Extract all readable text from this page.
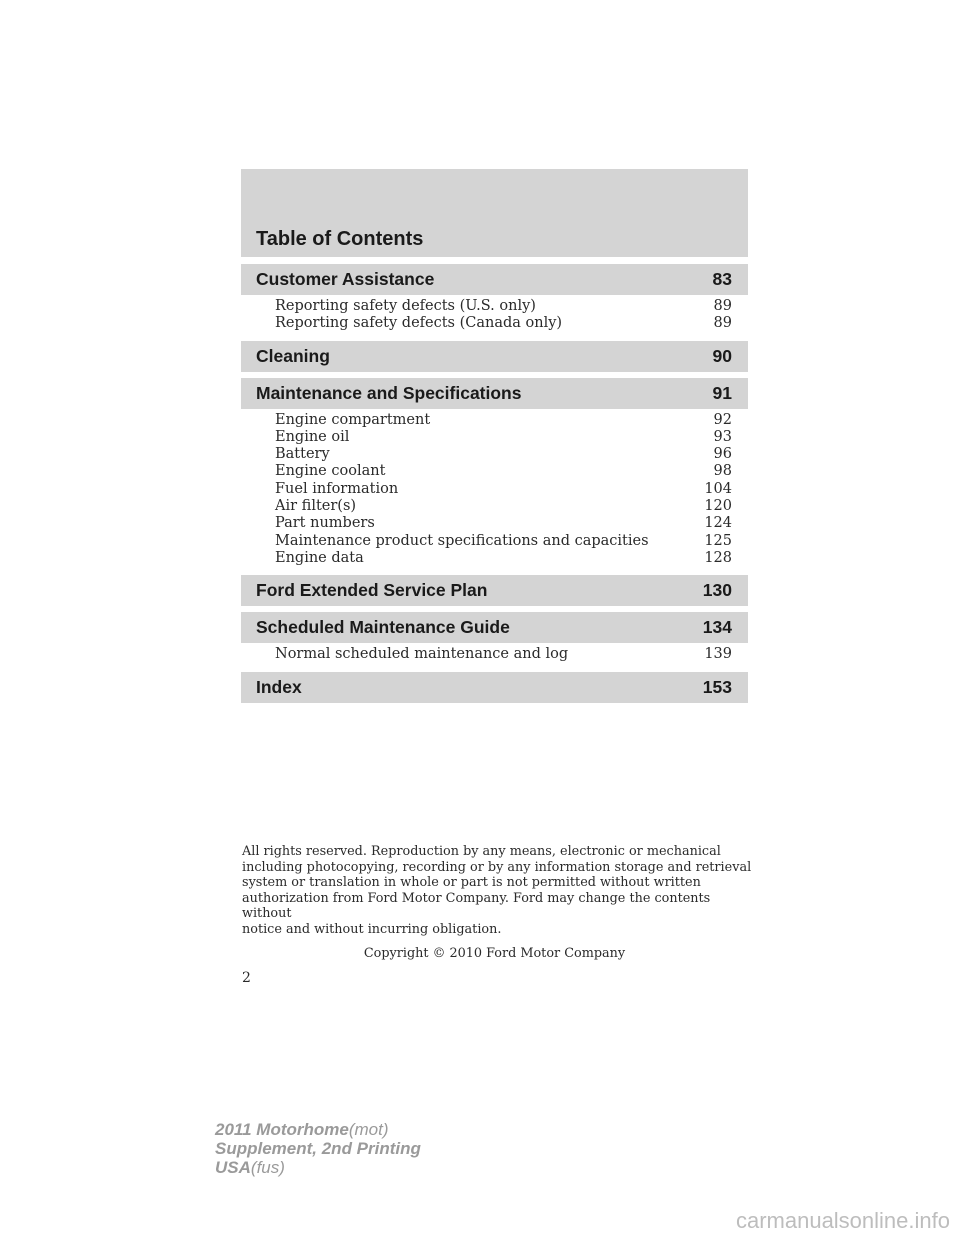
Table of Contents
Customer Assistance	83
Reporting safety defects (U.S. only)	89
Reporting safety defects (Canada only)	89
Cleaning	90
Maintenance and Specifications	91
Engine compartment	92
Engine oil	93
Battery	96
Engine coolant	98
Fuel information	104
Air filter(s)	120
Part numbers	124
Maintenance product specifications and capacities	125
Engine data	128
Ford Extended Service Plan	130
Scheduled Maintenance Guide	134
Normal scheduled maintenance and log	139
Index	153
All rights reserved. Reproduction by any means, electronic or mechanical
including photocopying, recording or by any information storage and retrieval
system or translation in whole or part is not permitted without written
authorization from Ford Motor Company. Ford may change the contents without
notice and without incurring obligation.
Copyright © 2010 Ford Motor Company
2
2011 Motorhome(mot)
Supplement, 2nd Printing
USA(fus)
carmanualsonline.info
